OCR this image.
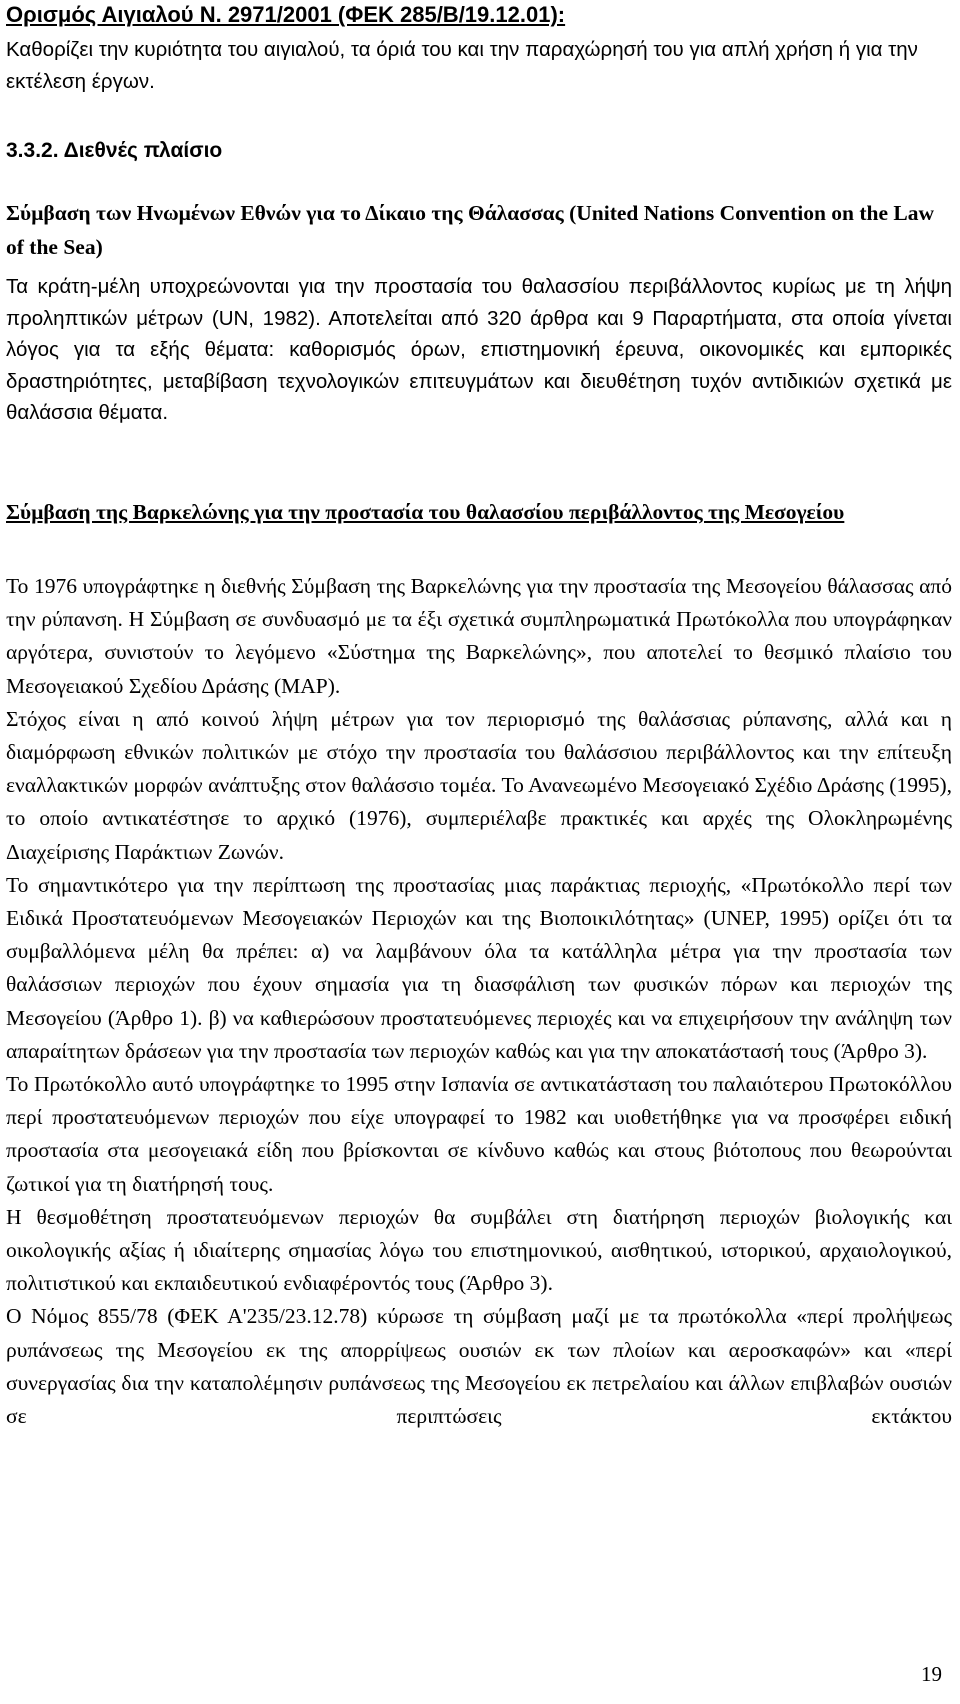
Ορισμός Αιγιαλού Ν. 2971/2001 (ΦΕΚ 285/Β/19.12.01):

Καθορίζει την κυριότητα του αιγιαλού, τα όριά του και την παραχώρησή του για απλή χρήση ή για την εκτέλεση έργων.

3.3.2. Διεθνές πλαίσιο
Σύμβαση των Ηνωμένων Εθνών για το Δίκαιο της Θάλασσας (United Nations Convention on the Law of the Sea)

Τα κράτη-μέλη υποχρεώνονται για την προστασία του θαλασσίου περιβάλλοντος κυρίως με τη λήψη προληπτικών μέτρων (UN, 1982). Αποτελείται από 320 άρθρα και 9 Παραρτήματα, στα οποία γίνεται λόγος για τα εξής θέματα: καθορισμός όρων, επιστημονική έρευνα, οικονομικές και εμπορικές δραστηριότητες, μεταβίβαση τεχνολογικών επιτευγμάτων και διευθέτηση τυχόν αντιδικιών σχετικά με θαλάσσια θέματα.

Σύμβαση της Βαρκελώνης για την προστασία του θαλασσίου περιβάλλοντος της Μεσογείου

Το 1976 υπογράφτηκε η διεθνής Σύμβαση της Βαρκελώνης για την προστασία της Μεσογείου θάλασσας από την ρύπανση. Η Σύμβαση σε συνδυασμό με τα έξι σχετικά συμπληρωματικά Πρωτόκολλα που υπογράφηκαν αργότερα, συνιστούν το λεγόμενο «Σύστημα της Βαρκελώνης», που αποτελεί το θεσμικό πλαίσιο του Μεσογειακού Σχεδίου Δράσης (MAP).

Στόχος είναι η από κοινού λήψη μέτρων για τον περιορισμό της θαλάσσιας ρύπανσης, αλλά και η διαμόρφωση εθνικών πολιτικών με στόχο την προστασία του θαλάσσιου περιβάλλοντος και την επίτευξη εναλλακτικών μορφών ανάπτυξης στον θαλάσσιο τομέα. Το Ανανεωμένο Μεσογειακό Σχέδιο Δράσης (1995), το οποίο αντικατέστησε το αρχικό (1976), συμπεριέλαβε πρακτικές και αρχές της Ολοκληρωμένης Διαχείρισης Παράκτιων Ζωνών.

Το σημαντικότερο για την περίπτωση της προστασίας μιας παράκτιας περιοχής, «Πρωτόκολλο περί των Ειδικά Προστατευόμενων Μεσογειακών Περιοχών και της Βιοποικιλότητας» (UNEP, 1995) ορίζει ότι τα συμβαλλόμενα μέλη θα πρέπει: α) να λαμβάνουν όλα τα κατάλληλα μέτρα για την προστασία των θαλάσσιων περιοχών που έχουν σημασία για τη διασφάλιση των φυσικών πόρων και περιοχών της Μεσογείου (Άρθρο 1). β) να καθιερώσουν προστατευόμενες περιοχές και να επιχειρήσουν την ανάληψη των απαραίτητων δράσεων για την προστασία των περιοχών καθώς και για την αποκατάστασή τους (Άρθρο 3).

Το Πρωτόκολλο αυτό υπογράφτηκε το 1995 στην Ισπανία σε αντικατάσταση του παλαιότερου Πρωτοκόλλου περί προστατευόμενων περιοχών που είχε υπογραφεί το 1982 και υιοθετήθηκε για να προσφέρει ειδική προστασία στα μεσογειακά είδη που βρίσκονται σε κίνδυνο καθώς και στους βιότοπους που θεωρούνται ζωτικοί για τη διατήρησή τους.

Η θεσμοθέτηση προστατευόμενων περιοχών θα συμβάλει στη διατήρηση περιοχών βιολογικής και οικολογικής αξίας ή ιδιαίτερης σημασίας λόγω του επιστημονικού, αισθητικού, ιστορικού, αρχαιολογικού, πολιτιστικού και εκπαιδευτικού ενδιαφέροντός τους (Άρθρο 3).

Ο Νόμος 855/78 (ΦΕΚ Α'235/23.12.78) κύρωσε τη σύμβαση μαζί με τα πρωτόκολλα «περί προλήψεως ρυπάνσεως της Μεσογείου εκ της απορρίψεως ουσιών εκ των πλοίων και αεροσκαφών» και «περί συνεργασίας δια την καταπολέμησιν ρυπάνσεως της Μεσογείου εκ πετρελαίου και άλλων επιβλαβών ουσιών σε περιπτώσεις εκτάκτου

19
